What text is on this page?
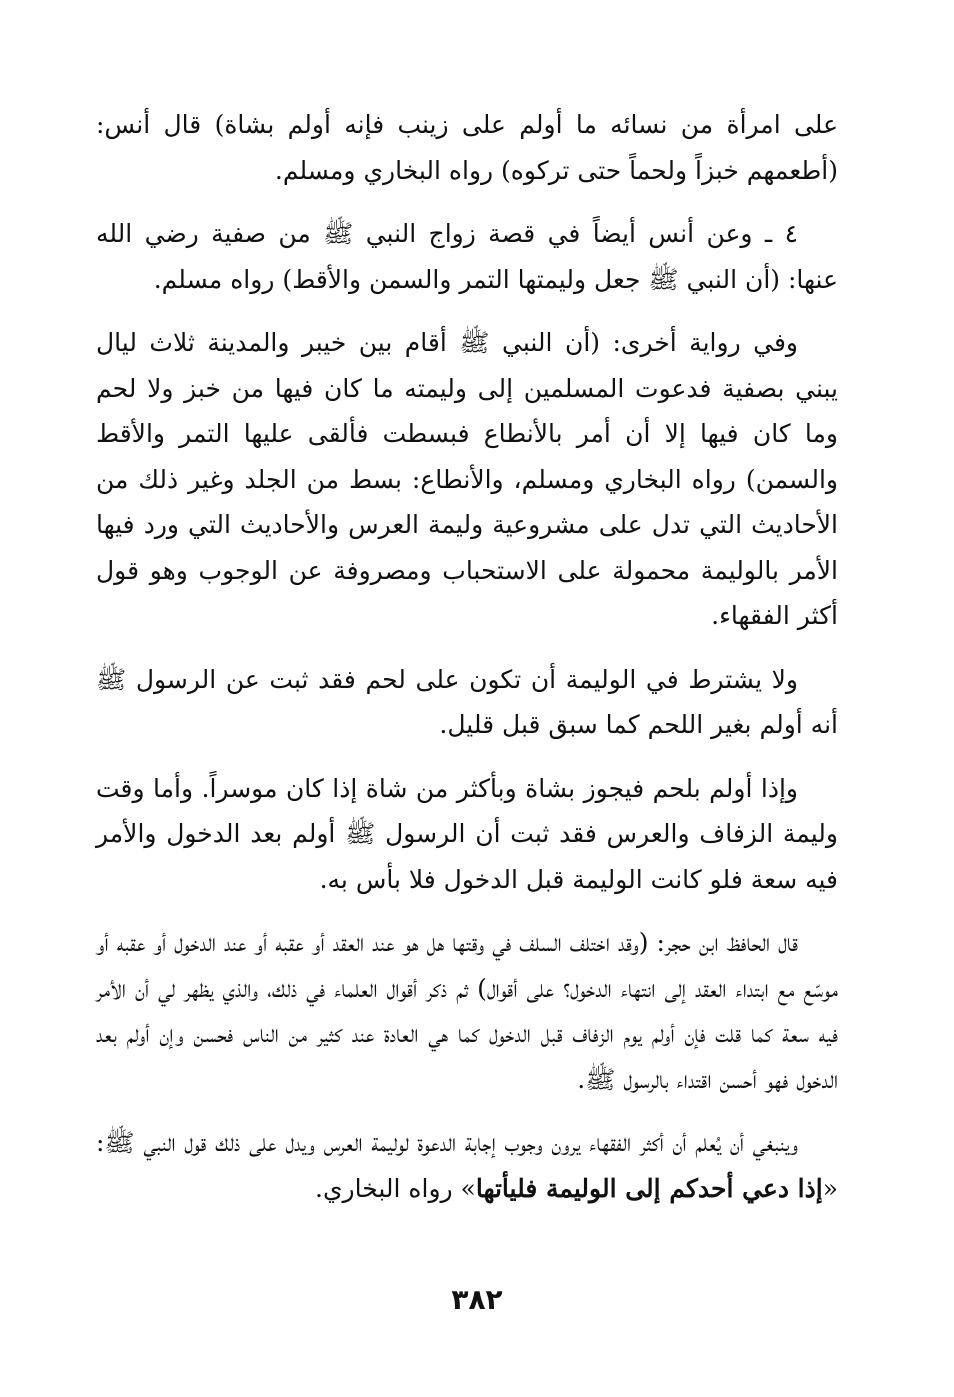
على امرأة من نسائه ما أولم على زينب فإنه أولم بشاة) قال أنس: (أطعمهم خبزاً ولحماً حتى تركوه) رواه البخاري ومسلم.

٤ ـ وعن أنس أيضاً في قصة زواج النبي ﷺ من صفية رضي الله عنها: (أن النبي ﷺ جعل وليمتها التمر والسمن والأقط) رواه مسلم.

وفي رواية أخرى: (أن النبي ﷺ أقام بين خيبر والمدينة ثلاث ليال يبني بصفية فدعوت المسلمين إلى وليمته ما كان فيها من خبز ولا لحم وما كان فيها إلا أن أمر بالأنطاع فبسطت فألقى عليها التمر والأقط والسمن) رواه البخاري ومسلم، والأنطاع: بسط من الجلد وغير ذلك من الأحاديث التي تدل على مشروعية وليمة العرس والأحاديث التي ورد فيها الأمر بالوليمة محمولة على الاستحباب ومصروفة عن الوجوب وهو قول أكثر الفقهاء.

ولا يشترط في الوليمة أن تكون على لحم فقد ثبت عن الرسول ﷺ أنه أولم بغير اللحم كما سبق قبل قليل.

وإذا أولم بلحم فيجوز بشاة وبأكثر من شاة إذا كان موسراً. وأما وقت وليمة الزفاف والعرس فقد ثبت أن الرسول ﷺ أولم بعد الدخول والأمر فيه سعة فلو كانت الوليمة قبل الدخول فلا بأس به.

قال الحافظ ابن حجر: (وقد اختلف السلف في وقتها هل هو عند العقد أو عقبه أو عند الدخول أو عقبه أو موسّع مع ابتداء العقد إلى انتهاء الدخول؟ على أقوال) ثم ذكر أقوال العلماء في ذلك، والذي يظهر لي أن الأمر فيه سعة كما قلت فإن أولم يوم الزفاف قبل الدخول كما هي العادة عند كثير من الناس فحسن وإن أولم بعد الدخول فهو أحسن اقتداء بالرسول ﷺ.

وينبغي أن يُعلم أن أكثر الفقهاء يرون وجوب إجابة الدعوة لوليمة العرس ويدل على ذلك قول النبي ﷺ: «إذا دعي أحدكم إلى الوليمة فليأتها» رواه البخاري.

٣٨٢
